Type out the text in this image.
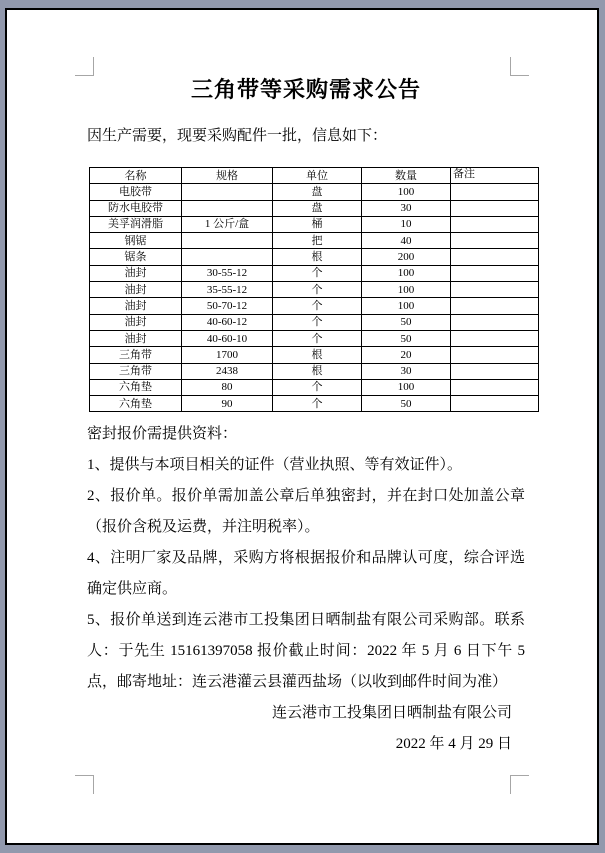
三角带等采购需求公告

因生产需要，现要采购配件一批，信息如下：

名称	规格	单位	数量	备注
电胶带		盘	100	
防水电胶带		盘	30	
美孚润滑脂	1 公斤/盒	桶	10	
钢锯		把	40	
锯条		根	200	
油封	30-55-12	个	100	
油封	35-55-12	个	100	
油封	50-70-12	个	100	
油封	40-60-12	个	50	
油封	40-60-10	个	50	
三角带	1700	根	20	
三角带	2438	根	30	
六角垫	80	个	100	
六角垫	90	个	50	

密封报价需提供资料：

1、提供与本项目相关的证件（营业执照、等有效证件）。

2、报价单。报价单需加盖公章后单独密封，并在封口处加盖公章（报价含税及运费，并注明税率）。

4、注明厂家及品牌，采购方将根据报价和品牌认可度，综合评选确定供应商。

5、报价单送到连云港市工投集团日晒制盐有限公司采购部。联系人：于先生 15161397058 报价截止时间：2022 年 5 月 6 日下午 5 点，邮寄地址：连云港灌云县灌西盐场（以收到邮件时间为准）

连云港市工投集团日晒制盐有限公司
2022 年 4 月 29 日
